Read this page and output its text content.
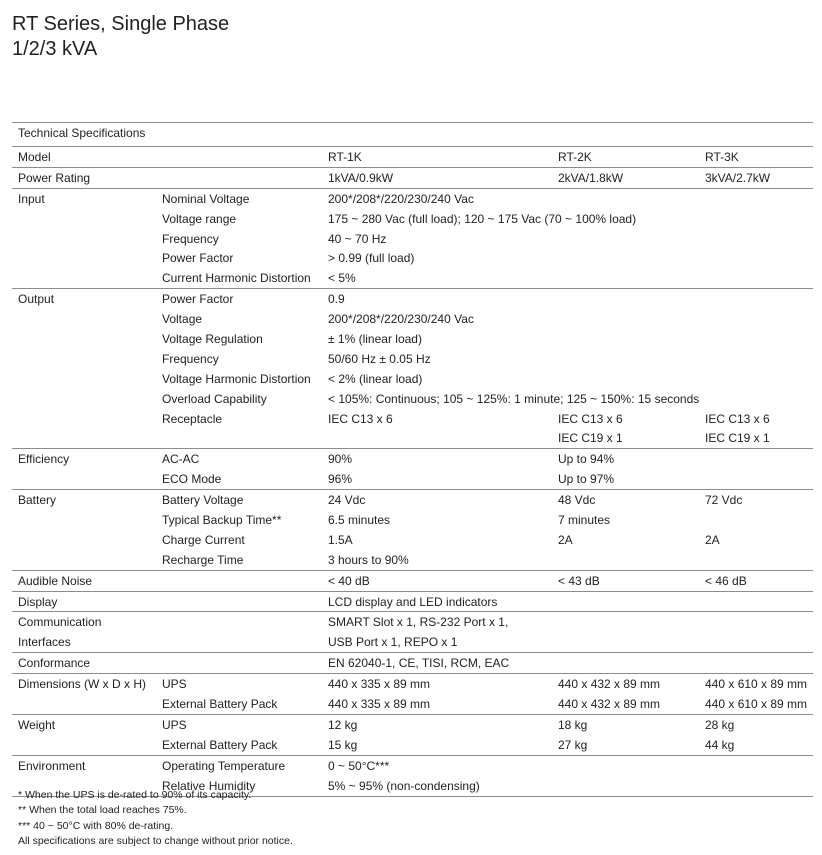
RT Series, Single Phase
1/2/3 kVA
Technical Specifications
Model		RT-1K	RT-2K	RT-3K
Power Rating		1kVA/0.9kW	2kVA/1.8kW	3kVA/2.7kW
Input	Nominal Voltage	200*/208*/220/230/240 Vac		
	Voltage range	175 ~ 280 Vac (full load); 120 ~ 175 Vac (70 ~ 100% load)		
	Frequency	40 ~ 70 Hz		
	Power Factor	> 0.99 (full load)		
	Current Harmonic Distortion	< 5%		
Output	Power Factor	0.9		
	Voltage	200*/208*/220/230/240 Vac		
	Voltage Regulation	± 1% (linear load)		
	Frequency	50/60 Hz ± 0.05 Hz		
	Voltage Harmonic Distortion	< 2% (linear load)		
	Overload Capability	< 105%: Continuous; 105 ~ 125%: 1 minute; 125 ~ 150%: 15 seconds		
	Receptacle	IEC C13 x 6	IEC C13 x 6	IEC C13 x 6
			IEC C19 x 1	IEC C19 x 1
Efficiency	AC-AC	90%	Up to 94%	
	ECO Mode	96%	Up to 97%	
Battery	Battery Voltage	24 Vdc	48 Vdc	72 Vdc
	Typical Backup Time**	6.5 minutes	7 minutes	
	Charge Current	1.5A	2A	2A
	Recharge Time	3 hours to 90%		
Audible Noise		< 40 dB	< 43 dB	< 46 dB
Display		LCD display and LED indicators		
Communication		SMART Slot x 1, RS-232 Port x 1,		
Interfaces		USB Port x 1, REPO x 1		
Conformance		EN 62040-1, CE, TISI, RCM, EAC		
Dimensions (W x D x H)	UPS	440 x 335 x 89 mm	440 x 432 x 89 mm	440 x 610 x 89 mm
	External Battery Pack	440 x 335 x 89 mm	440 x 432 x 89 mm	440 x 610 x 89 mm
Weight	UPS	12 kg	18 kg	28 kg
	External Battery Pack	15 kg	27 kg	44 kg
Environment	Operating Temperature	0 ~ 50°C***		
	Relative Humidity	5% ~ 95% (non-condensing)		
* When the UPS is de-rated to 90% of its capacity.
** When the total load reaches 75%.
*** 40 ~ 50°C with 80% de-rating.
All specifications are subject to change without prior notice.
